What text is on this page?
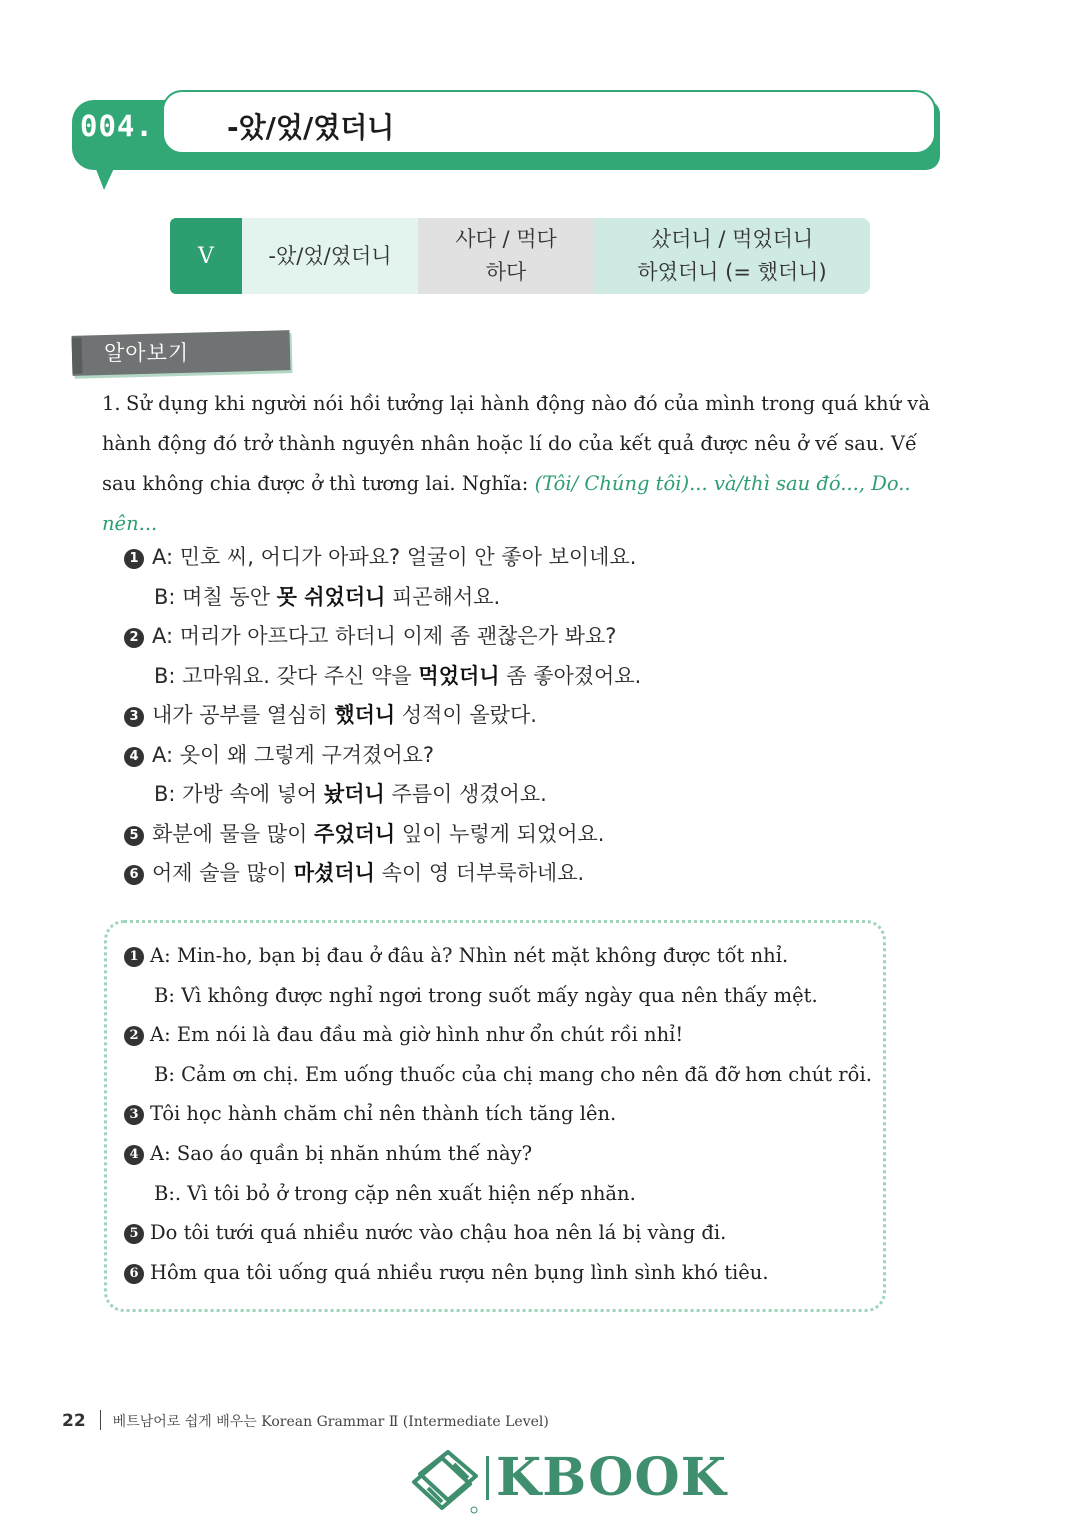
004.	-았/었/였더니
V	-았/었/였더니
사다 / 먹다
하다
샀더니 / 먹었더니
하였더니 (= 했더니)
알아보기
1. Sử dụng khi người nói hồi tưởng lại hành động nào đó của mình trong quá khứ và hành động đó trở thành nguyên nhân hoặc lí do của kết quả được nêu ở vế sau. Vế sau không chia được ở thì tương lai. Nghĩa: (Tôi/ Chúng tôi)... và/thì sau đó..., Do.. nên...
1 A: 민호 씨, 어디가 아파요? 얼굴이 안 좋아 보이네요.
B: 며칠 동안 못 쉬었더니 피곤해서요.
2 A: 머리가 아프다고 하더니 이제 좀 괜찮은가 봐요?
B: 고마워요. 갖다 주신 약을 먹었더니 좀 좋아졌어요.
3 내가 공부를 열심히 했더니 성적이 올랐다.
4 A: 옷이 왜 그렇게 구겨졌어요?
B: 가방 속에 넣어 놨더니 주름이 생겼어요.
5 화분에 물을 많이 주었더니 잎이 누렇게 되었어요.
6 어제 술을 많이 마셨더니 속이 영 더부룩하네요.
1 A: Min-ho, bạn bị đau ở đâu à? Nhìn nét mặt không được tốt nhỉ.
B: Vì không được nghỉ ngơi trong suốt mấy ngày qua nên thấy mệt.
2 A: Em nói là đau đầu mà giờ hình như ổn chút rồi nhỉ!
B: Cảm ơn chị. Em uống thuốc của chị mang cho nên đã đỡ hơn chút rồi.
3 Tôi học hành chăm chỉ nên thành tích tăng lên.
4 A: Sao áo quần bị nhăn nhúm thế này?
B:. Vì tôi bỏ ở trong cặp nên xuất hiện nếp nhăn.
5 Do tôi tưới quá nhiều nước vào chậu hoa nên lá bị vàng đi.
6 Hôm qua tôi uống quá nhiều rượu nên bụng lình sình khó tiêu.
22 베트남어로 쉽게 배우는 Korean Grammar Ⅱ (Intermediate Level)
KBOOK
